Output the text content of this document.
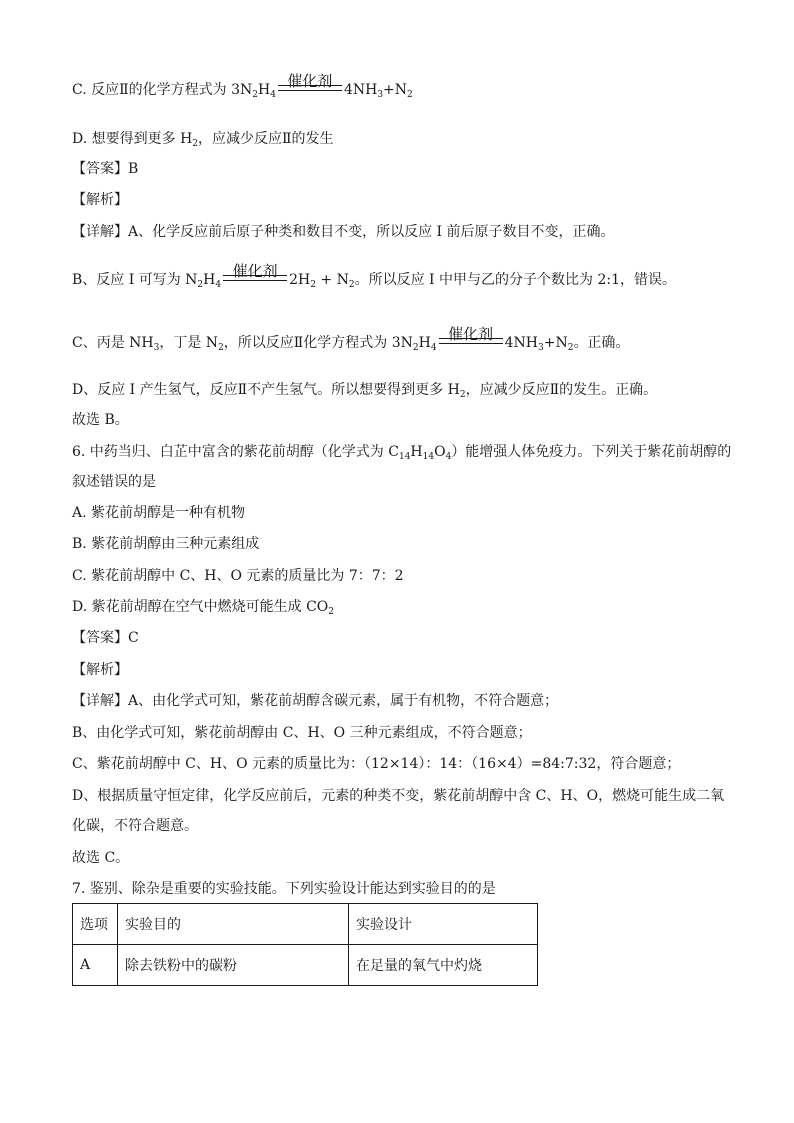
C. 反应Ⅱ的化学方程式为 $3N_2H_4$
催化剂 $4NH_3+N_2$
D. 想要得到更多 $H_2$，应减少反应Ⅱ的发生
【答案】B
【解析】
【详解】A、化学反应前后原子种类和数目不变，所以反应 I 前后原子数目不变，正确。
B、反应 I 可写为 $N_2H_4$
催化剂 $2H_2 + N_2$。所以反应 I 中甲与乙的分子个数比为 2:1，错误。
C、丙是 $NH_3$，丁是 $N_2$，所以反应Ⅱ化学方程式为 $3N_2H_4$
催化剂 $4NH_3+N_2$。正确。
D、反应 I 产生氢气，反应Ⅱ不产生氢气。所以想要得到更多 $H_2$，应减少反应Ⅱ的发生。正确。
故选 B。
6. 中药当归、白芷中富含的紫花前胡醇（化学式为 $C_{14}H_{14}O_4$）能增强人体免疫力。下列关于紫花前胡醇的
叙述错误的是
A. 紫花前胡醇是一种有机物
B. 紫花前胡醇由三种元素组成
C. 紫花前胡醇中 C、H、O 元素的质量比为 7：7：2
D. 紫花前胡醇在空气中燃烧可能生成 $CO_2$
【答案】C
【解析】
【详解】A、由化学式可知，紫花前胡醇含碳元素，属于有机物，不符合题意；
B、由化学式可知，紫花前胡醇由 C、H、O 三种元素组成，不符合题意；
C、紫花前胡醇中 C、H、O 元素的质量比为：（12×14）：14：（16×4）=84:7:32，符合题意；
D、根据质量守恒定律，化学反应前后，元素的种类不变，紫花前胡醇中含 C、H、O，燃烧可能生成二氧
化碳，不符合题意。
故选 C。
7. 鉴别、除杂是重要的实验技能。下列实验设计能达到实验目的的是
选项	实验目的	实验设计
A	除去铁粉中的碳粉	在足量的氧气中灼烧
